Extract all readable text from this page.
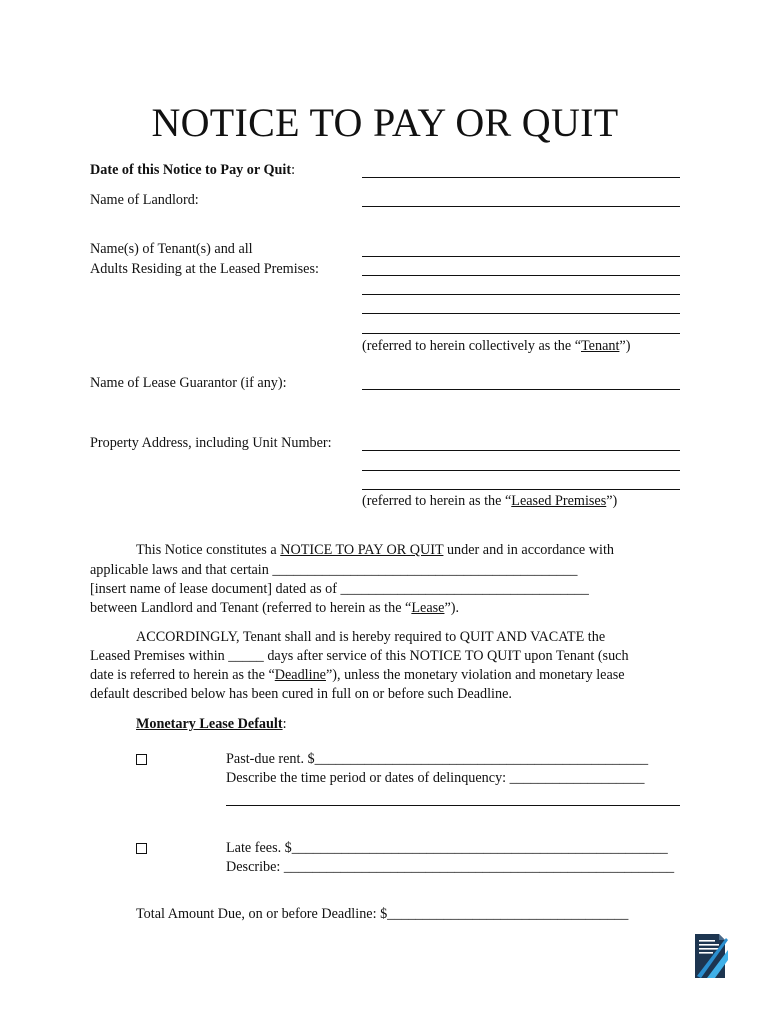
NOTICE TO PAY OR QUIT
Date of this Notice to Pay or Quit:
Name of Landlord:
Name(s) of Tenant(s) and all
Adults Residing at the Leased Premises:
(referred to herein collectively as the “Tenant”)
Name of Lease Guarantor (if any):
Property Address, including Unit Number:
(referred to herein as the “Leased Premises”)
This Notice constitutes a NOTICE TO PAY OR QUIT under and in accordance with
applicable laws and that certain ___________________________________________
[insert name of lease document] dated as of ___________________________________
between Landlord and Tenant (referred to herein as the “Lease”).
ACCORDINGLY, Tenant shall and is hereby required to QUIT AND VACATE the
Leased Premises within _____ days after service of this NOTICE TO QUIT upon Tenant (such
date is referred to herein as the “Deadline”), unless the monetary violation and monetary lease
default described below has been cured in full on or before such Deadline.
Monetary Lease Default:
Past-due rent. $_______________________________________________
Describe the time period or dates of delinquency: ___________________
Late fees. $_____________________________________________________
Describe: _______________________________________________________
Total Amount Due, on or before Deadline: $__________________________________
